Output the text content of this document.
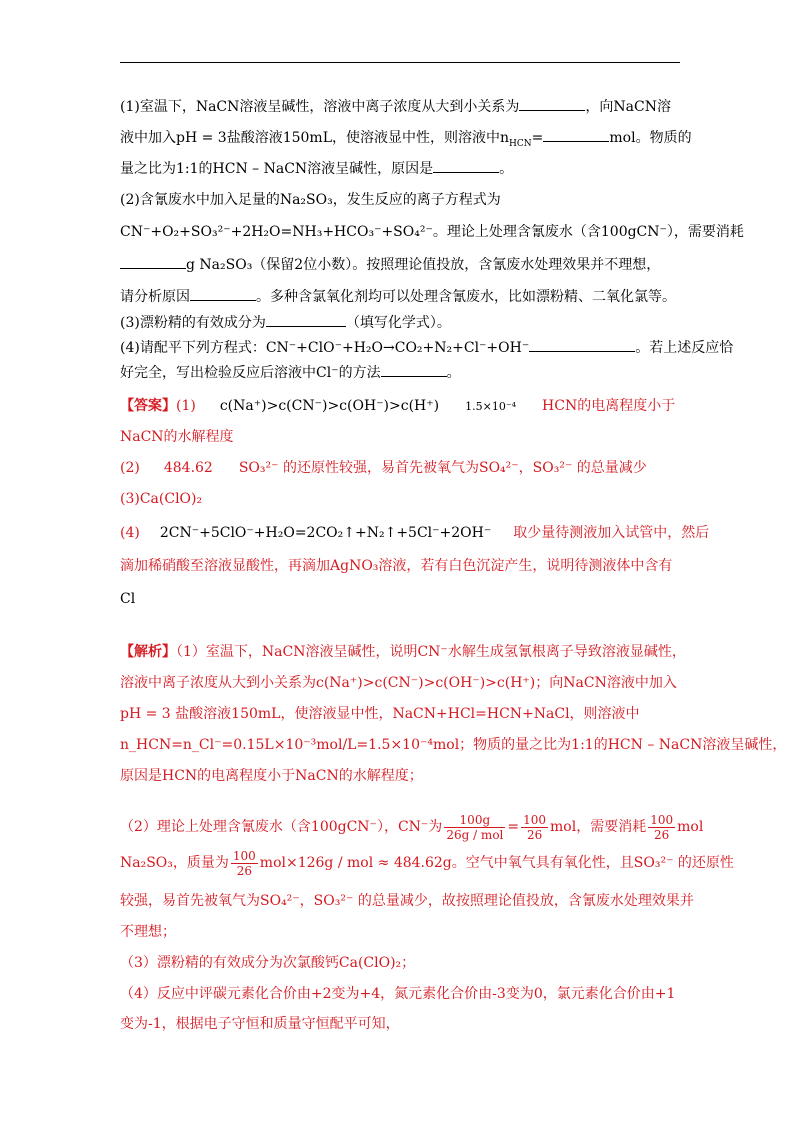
(1)室温下，NaCN溶液呈碱性，溶液中离子浓度从大到小关系为	，向NaCN溶
液中加入pH = 3盐酸溶液150mL，使溶液显中性，则溶液中$n_{HCN}=$	mol。物质的
量之比为1:1的HCN – NaCN溶液呈碱性，原因是	。
(2)含氰废水中加入足量的Na₂SO₃，发生反应的离子方程式为
CN⁻+O₂+SO₃²⁻+2H₂O=NH₃+HCO₃⁻+SO₄²⁻。理论上处理含氰废水（含100gCN⁻），需要消耗
g Na₂SO₃（保留2位小数）。按照理论值投放，含氰废水处理效果并不理想，
请分析原因	。多种含氯氧化剂均可以处理含氰废水，比如漂粉精、二氧化氯等。
(3)漂粉精的有效成分为	（填写化学式）。
(4)请配平下列方程式：CN⁻+ClO⁻+H₂O→CO₂+N₂+Cl⁻+OH⁻	。若上述反应恰
好完全，写出检验反应后溶液中Cl⁻的方法	。
【答案】(1) c(Na⁺)>c(CN⁻)>c(OH⁻)>c(H⁺) 1.5×10⁻⁴ HCN的电离程度小于
NaCN的水解程度
(2) 484.62 SO₃²⁻ 的还原性较强，易首先被氧气为SO₄²⁻，SO₃²⁻ 的总量减少
(3)Ca(ClO)₂
(4) 2CN⁻+5ClO⁻+H₂O=2CO₂↑+N₂↑+5Cl⁻+2OH⁻ 取少量待测液加入试管中，然后
滴加稀硝酸至溶液显酸性，再滴加AgNO₃溶液，若有白色沉淀产生，说明待测液体中含有
Cl
【解析】（1）室温下，NaCN溶液呈碱性，说明CN⁻水解生成氢氰根离子导致溶液显碱性，
溶液中离子浓度从大到小关系为c(Na⁺)>c(CN⁻)>c(OH⁻)>c(H⁺)；向NaCN溶液中加入
pH = 3 盐酸溶液150mL，使溶液显中性，NaCN+HCl=HCN+NaCl，则溶液中
n_HCN=n_Cl⁻=0.15L×10⁻³mol/L=1.5×10⁻⁴mol；物质的量之比为1:1的HCN – NaCN溶液呈碱性，
原因是HCN的电离程度小于NaCN的水解程度；
（2）理论上处理含氰废水（含100gCN⁻），CN⁻为 $\frac{100g}{\text{26g / mol}} = \frac{100}{26}$ mol，需要消耗 $\frac{100}{26}$ mol
Na₂SO₃，质量为 $\frac{100}{26} mol\times 126g$ / mol ≈ 484.62g。空气中氧气具有氧化性，且SO₃²⁻ 的还原性
较强，易首先被氧气为SO₄²⁻，SO₃²⁻ 的总量减少，故按照理论值投放，含氰废水处理效果并
不理想；
（3）漂粉精的有效成分为次氯酸钙Ca(ClO)₂；
（4）反应中评碳元素化合价由+2变为+4，氮元素化合价由-3变为0，氯元素化合价由+1
变为-1，根据电子守恒和质量守恒配平可知，
